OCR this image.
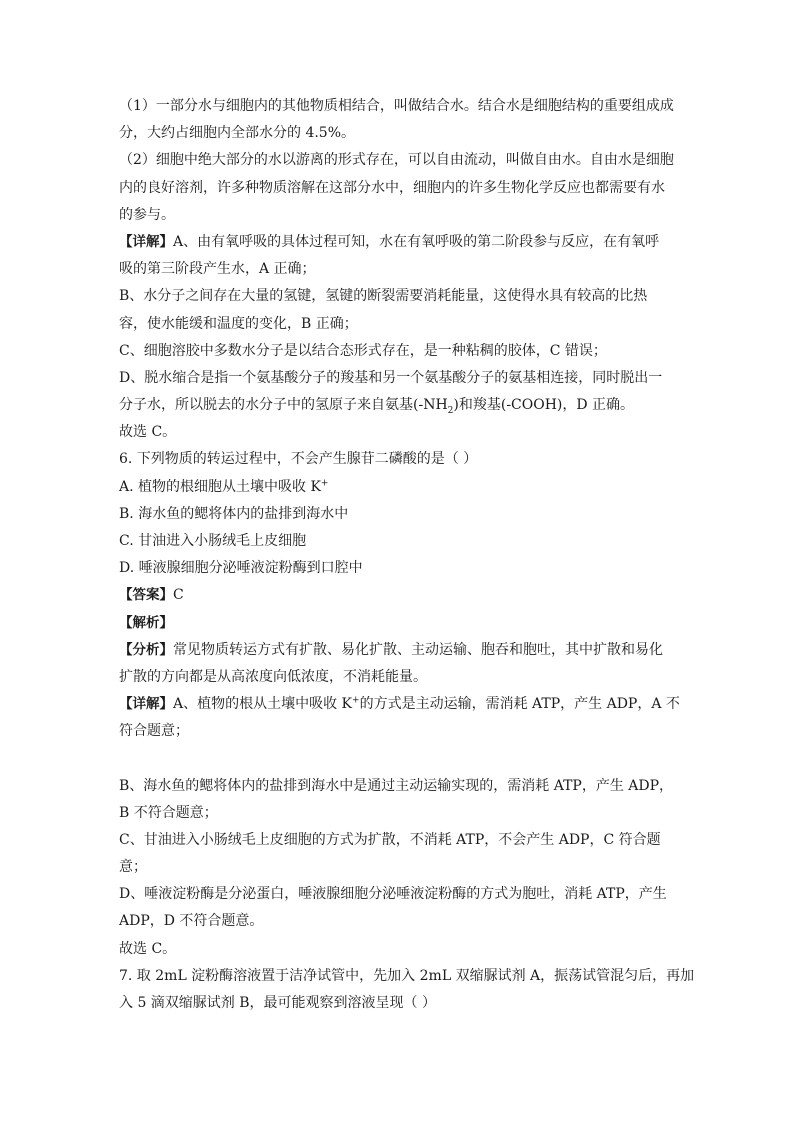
（1）一部分水与细胞内的其他物质相结合，叫做结合水。结合水是细胞结构的重要组成成
分，大约占细胞内全部水分的 4.5%。
（2）细胞中绝大部分的水以游离的形式存在，可以自由流动，叫做自由水。自由水是细胞
内的良好溶剂，许多种物质溶解在这部分水中，细胞内的许多生物化学反应也都需要有水
的参与。
【详解】A、由有氧呼吸的具体过程可知，水在有氧呼吸的第二阶段参与反应，在有氧呼
吸的第三阶段产生水，A 正确；
B、水分子之间存在大量的氢键，氢键的断裂需要消耗能量，这使得水具有较高的比热
容，使水能缓和温度的变化，B 正确；
C、细胞溶胶中多数水分子是以结合态形式存在，是一种粘稠的胶体，C 错误；
D、脱水缩合是指一个氨基酸分子的羧基和另一个氨基酸分子的氨基相连接，同时脱出一
分子水，所以脱去的水分子中的氢原子来自氨基$(-NH_2)$和羧基(-COOH)，D 正确。
故选 C。
6. 下列物质的转运过程中，不会产生腺苷二磷酸的是（ ）
A. 植物的根细胞从土壤中吸收 K+
B. 海水鱼的鳃将体内的盐排到海水中
C. 甘油进入小肠绒毛上皮细胞
D. 唾液腺细胞分泌唾液淀粉酶到口腔中
【答案】C
【解析】
【分析】常见物质转运方式有扩散、易化扩散、主动运输、胞吞和胞吐，其中扩散和易化
扩散的方向都是从高浓度向低浓度，不消耗能量。
【详解】A、植物的根从土壤中吸收 K+的方式是主动运输，需消耗 ATP，产生 ADP，A 不
符合题意；
B、海水鱼的鳃将体内的盐排到海水中是通过主动运输实现的，需消耗 ATP，产生 ADP，
B 不符合题意；
C、甘油进入小肠绒毛上皮细胞的方式为扩散，不消耗 ATP，不会产生 ADP，C 符合题
意；
D、唾液淀粉酶是分泌蛋白，唾液腺细胞分泌唾液淀粉酶的方式为胞吐，消耗 ATP，产生
ADP，D 不符合题意。
故选 C。
7. 取 2mL 淀粉酶溶液置于洁净试管中，先加入 2mL 双缩脲试剂 A，振荡试管混匀后，再加
入 5 滴双缩脲试剂 B，最可能观察到溶液呈现（ ）
